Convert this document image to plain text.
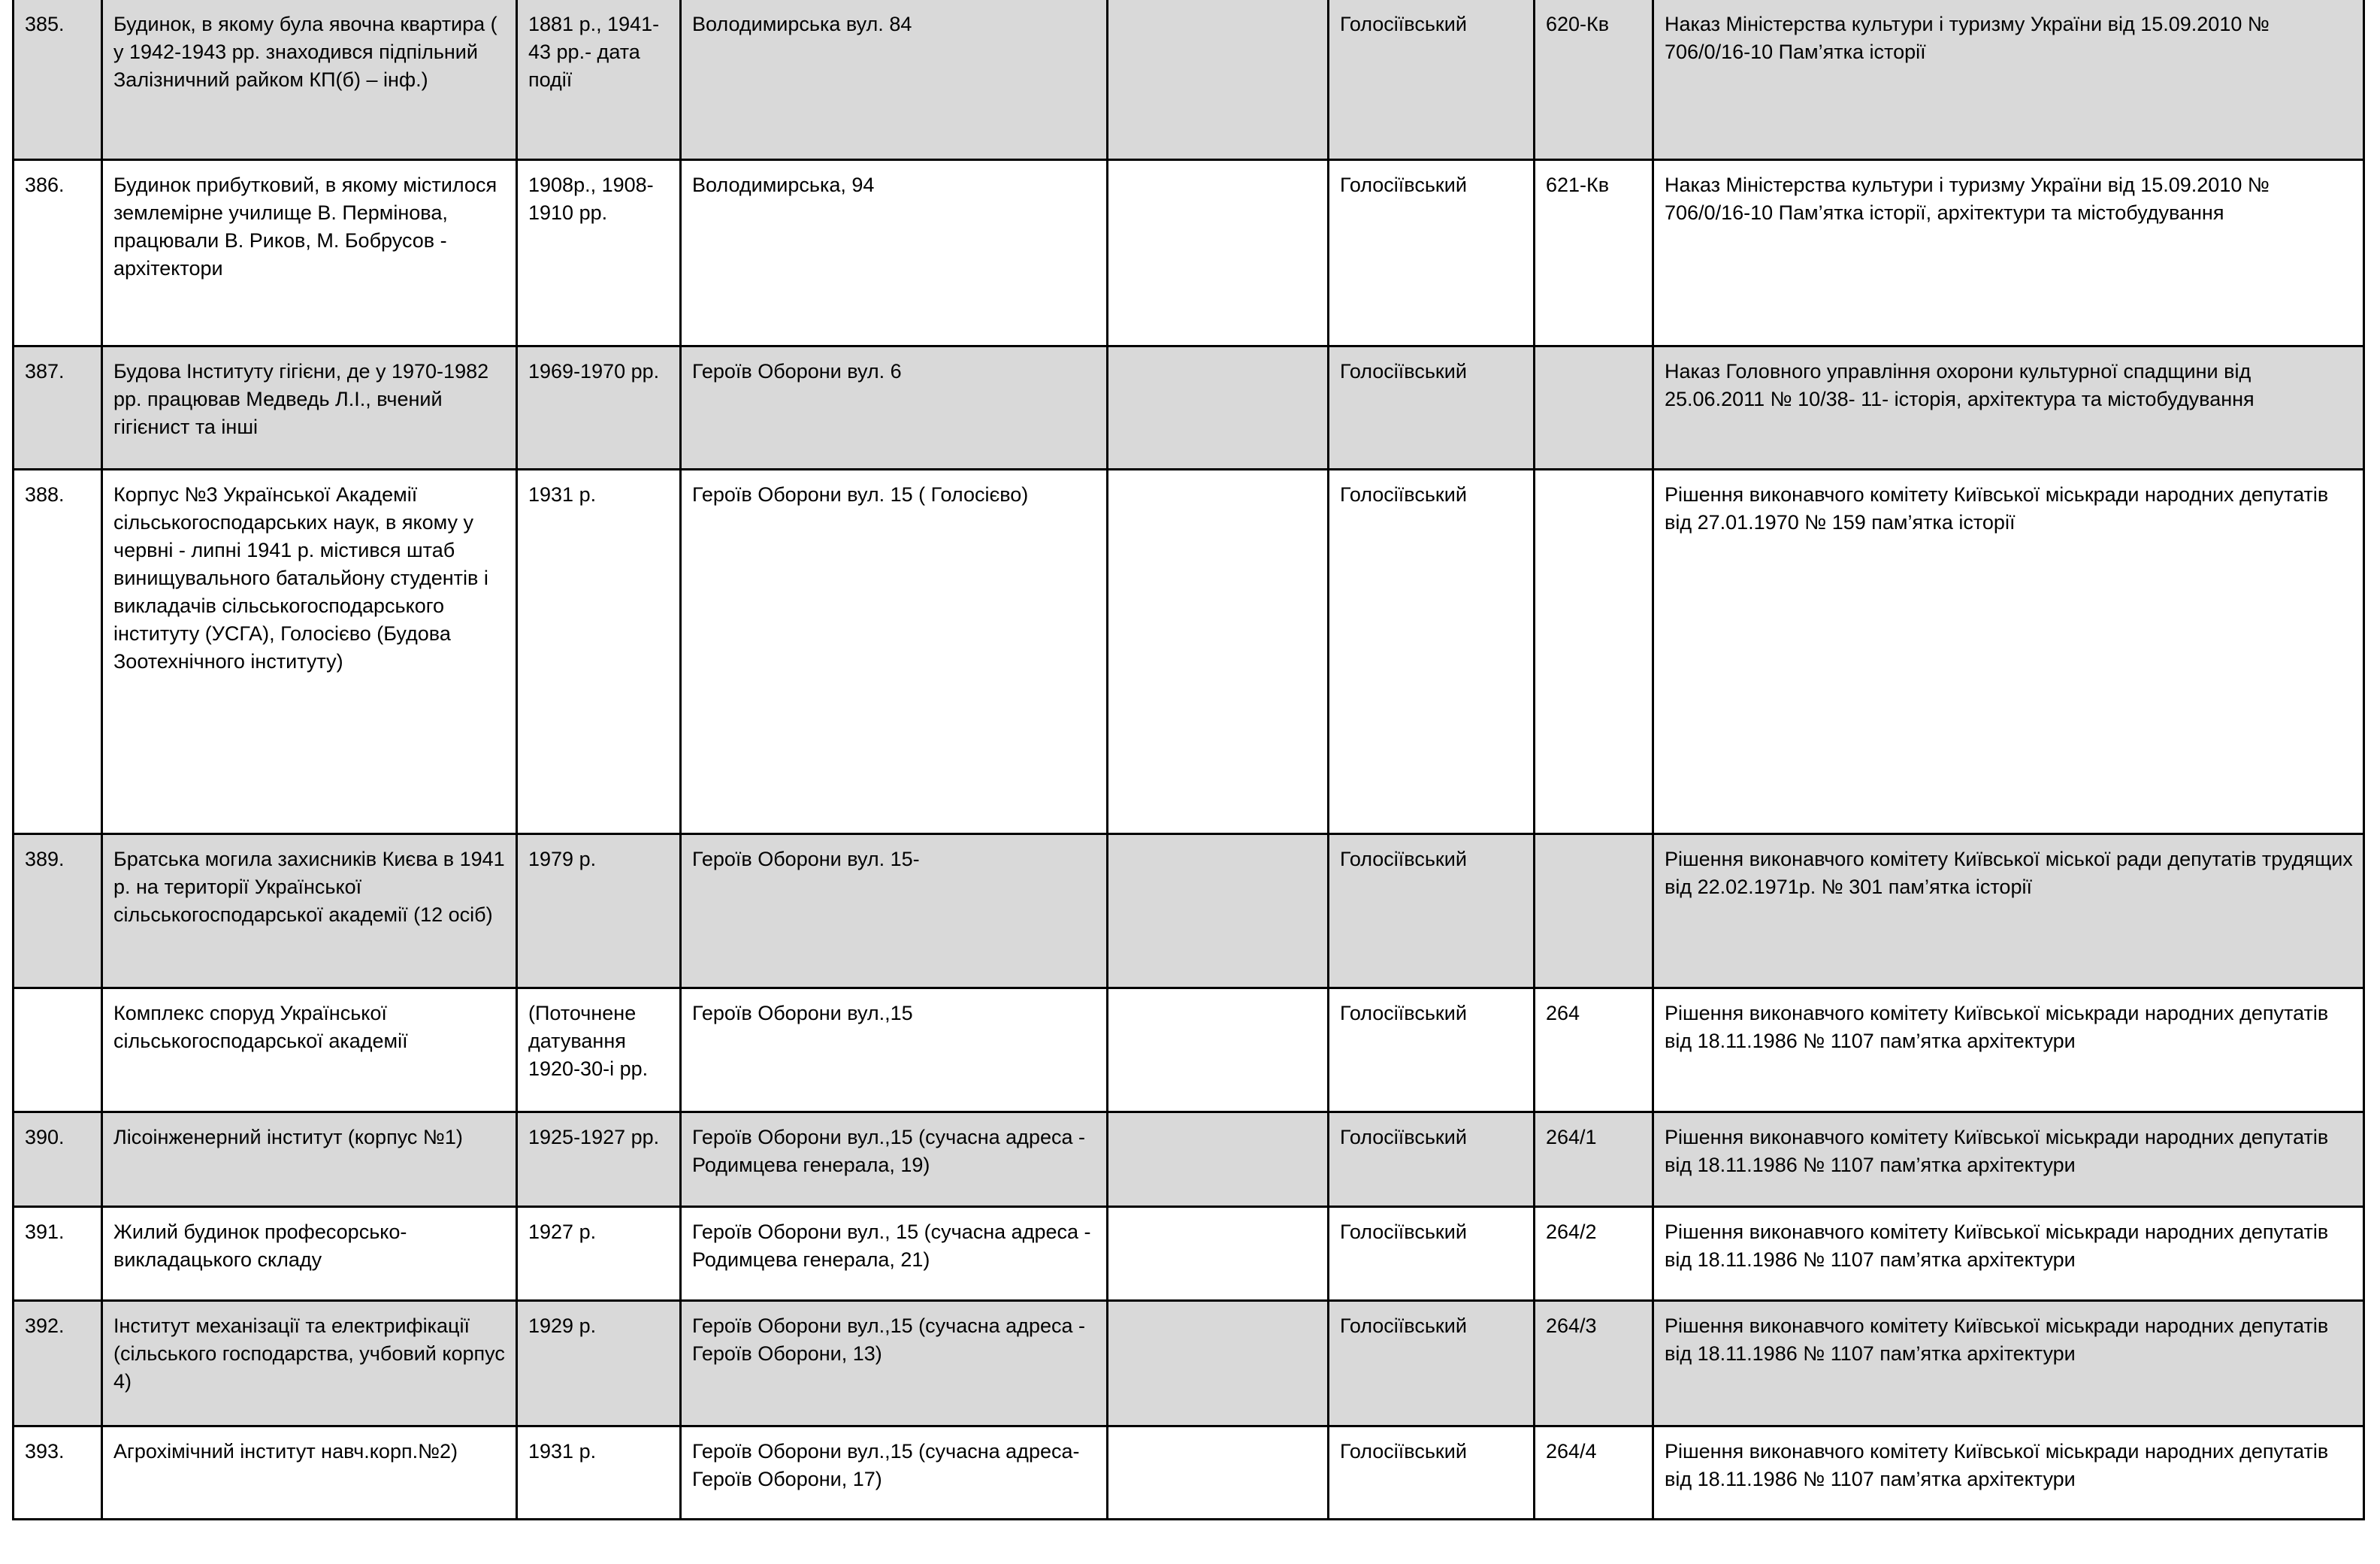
385.	Будинок, в якому була явочна квартира ( у 1942-1943 рр. знаходився підпільний Залізничний райком КП(б) – інф.)	1881 р., 1941-43 рр.- дата події	Володимирська вул. 84		Голосіївський	620-Кв	Наказ Міністерства культури і туризму України від 15.09.2010 № 706/0/16-10 Пам’ятка історії
386.	Будинок прибутковий, в якому містилося землемірне училище В. Пермінова, працювали В. Риков, М. Бобрусов - архітектори	1908р., 1908-1910 рр.	Володимирська, 94		Голосіївський	621-Кв	Наказ Міністерства культури і туризму України від 15.09.2010 № 706/0/16-10 Пам’ятка історії, архітектури та містобудування
387.	Будова Інституту гігієни, де у 1970-1982 рр. працював Медведь Л.І., вчений гігієнист та інші	1969-1970 рр.	Героїв Оборони вул. 6		Голосіївський		Наказ Головного управління охорони культурної спадщини від 25.06.2011 № 10/38- 11- історія, архітектура та містобудування
388.	Корпус №3 Української Академії сільськогосподарських наук, в якому у червні - липні 1941 р. містився штаб винищувального батальйону студентів і викладачів сільськогосподарського інституту (УСГА), Голосієво (Будова Зоотехнічного інституту)	1931 р.	Героїв Оборони вул. 15 ( Голосієво)		Голосіївський		Рішення виконавчого комітету Київської міськради народних депутатів від 27.01.1970 № 159 пам’ятка історії
389.	Братська могила захисників Києва в 1941 р. на території Української сільськогосподарської академії (12 осіб)	1979 р.	Героїв Оборони вул. 15-		Голосіївський		Рішення виконавчого комітету Київської міської ради депутатів трудящих від 22.02.1971р. № 301 пам’ятка історії
	Комплекс споруд Української сільськогосподарської академії	(Поточнене датування 1920-30-і рр.	Героїв Оборони вул.,15		Голосіївський	264	Рішення виконавчого комітету Київської міськради народних депутатів від 18.11.1986 № 1107 пам’ятка архітектури
390.	Лісоінженерний інститут (корпус №1)	1925-1927 рр.	Героїв Оборони вул.,15 (сучасна адреса - Родимцева генерала, 19)		Голосіївський	264/1	Рішення виконавчого комітету Київської міськради народних депутатів від 18.11.1986 № 1107 пам’ятка архітектури
391.	Жилий будинок професорсько-викладацького складу	1927 р.	Героїв Оборони вул., 15 (сучасна адреса - Родимцева генерала, 21)		Голосіївський	264/2	Рішення виконавчого комітету Київської міськради народних депутатів від 18.11.1986 № 1107 пам’ятка архітектури
392.	Інститут механізації та електрифікації (сільського господарства, учбовий корпус 4)	1929 р.	Героїв Оборони вул.,15 (сучасна адреса - Героїв Оборони, 13)		Голосіївський	264/3	Рішення виконавчого комітету Київської міськради народних депутатів від 18.11.1986 № 1107 пам’ятка архітектури
393.	Агрохімічний інститут навч.корп.№2)	1931 р.	Героїв Оборони вул.,15 (сучасна адреса-Героїв Оборони, 17)		Голосіївський	264/4	Рішення виконавчого комітету Київської міськради народних депутатів від 18.11.1986 № 1107 пам’ятка архітектури
